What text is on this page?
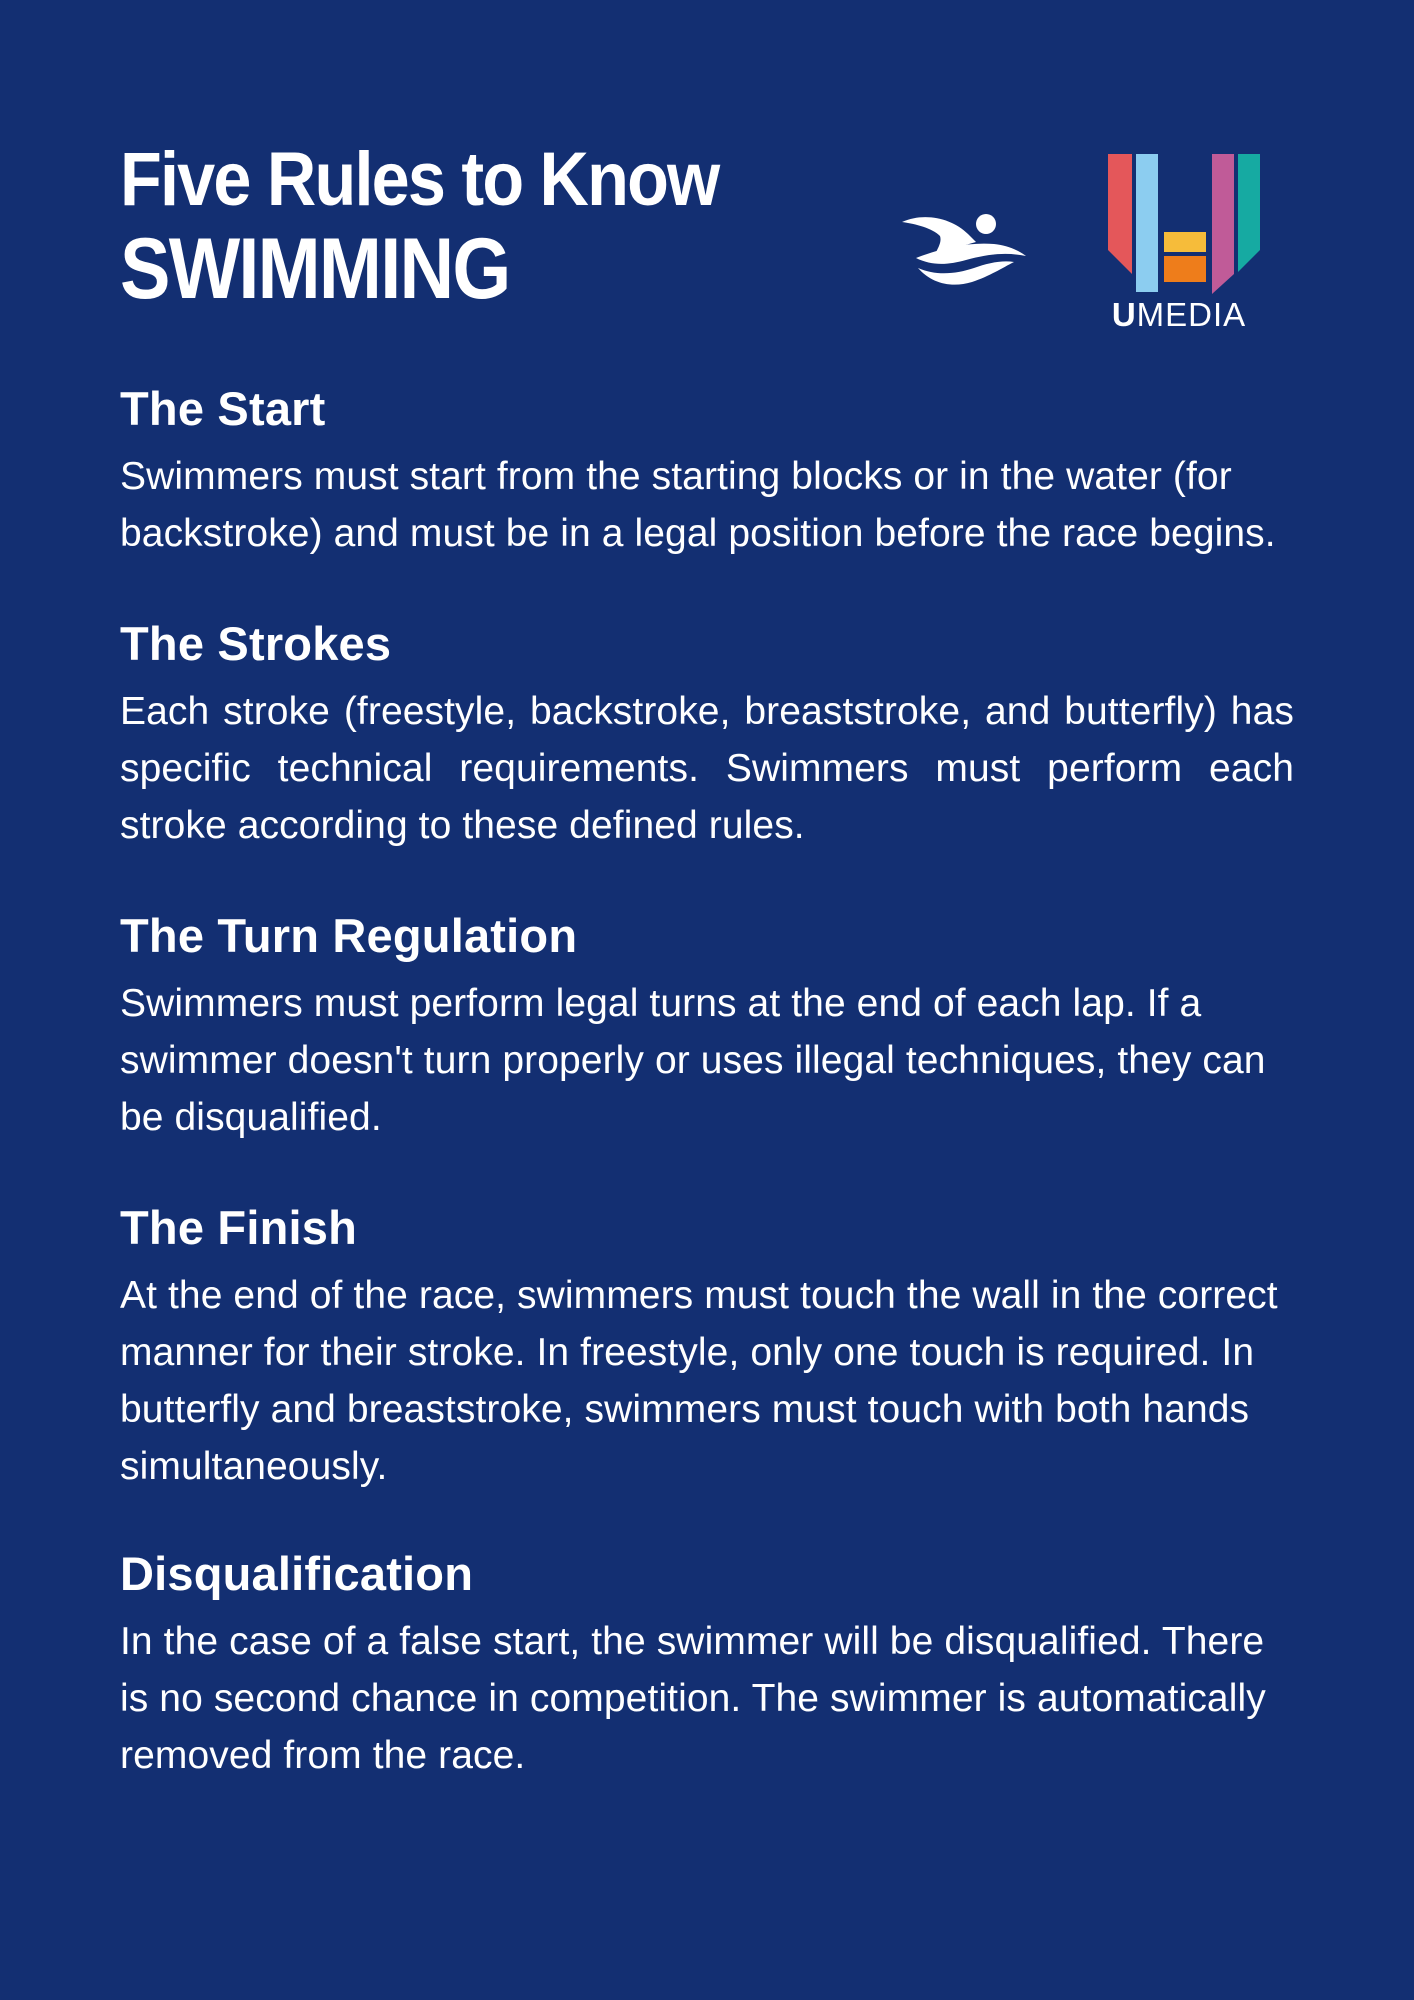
Five Rules to Know
SWIMMING	UMEDIA
The Start

Swimmers must start from the starting blocks or in the water (for backstroke) and must be in a legal position before the race begins.

The Strokes

Each stroke (freestyle, backstroke, breaststroke, and butterfly) has specific technical requirements. Swimmers must perform each stroke according to these defined rules.

The Turn Regulation

Swimmers must perform legal turns at the end of each lap. If a swimmer doesn't turn properly or uses illegal techniques, they can be disqualified.

The Finish

At the end of the race, swimmers must touch the wall in the correct manner for their stroke. In freestyle, only one touch is required. In butterfly and breaststroke, swimmers must touch with both hands simultaneously.

Disqualification

In the case of a false start, the swimmer will be disqualified. There is no second chance in competition. The swimmer is automatically removed from the race.
